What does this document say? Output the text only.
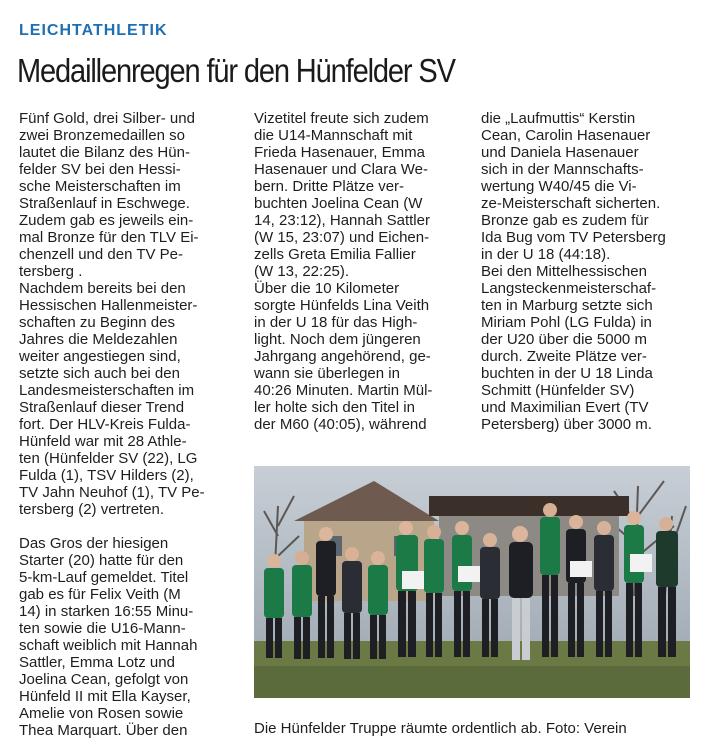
LEICHTATHLETIK
Medaillenregen für den Hünfelder SV
Fünf Gold, drei Silber- und
zwei Bronzemedaillen so
lautet die Bilanz des Hün-
felder SV bei den Hessi-
sche Meisterschaften im
Straßenlauf in Eschwege.
Zudem gab es jeweils ein-
mal Bronze für den TLV Ei-
chenzell und den TV Pe-
tersberg .
Nachdem bereits bei den
Hessischen Hallenmeister-
schaften zu Beginn des
Jahres die Meldezahlen
weiter angestiegen sind,
setzte sich auch bei den
Landesmeisterschaften im
Straßenlauf dieser Trend
fort. Der HLV-Kreis Fulda-
Hünfeld war mit 28 Athle-
ten (Hünfelder SV (22), LG
Fulda (1), TSV Hilders (2),
TV Jahn Neuhof (1), TV Pe-
tersberg (2) vertreten.
Das Gros der hiesigen
Starter (20) hatte für den
5-km-Lauf gemeldet. Titel
gab es für Felix Veith (M
14) in starken 16:55 Minu-
ten sowie die U16-Mann-
schaft weiblich mit Hannah
Sattler, Emma Lotz und
Joelina Cean, gefolgt von
Hünfeld II mit Ella Kayser,
Amelie von Rosen sowie
Thea Marquart. Über den
Vizetitel freute sich zudem
die U14-Mannschaft mit
Frieda Hasenauer, Emma
Hasenauer und Clara We-
bern. Dritte Plätze ver-
buchten Joelina Cean (W
14, 23:12), Hannah Sattler
(W 15, 23:07) und Eichen-
zells Greta Emilia Fallier
(W 13, 22:25).
Über die 10 Kilometer
sorgte Hünfelds Lina Veith
in der U 18 für das High-
light. Noch dem jüngeren
Jahrgang angehörend, ge-
wann sie überlegen in
40:26 Minuten. Martin Mül-
ler holte sich den Titel in
der M60 (40:05), während
die „Laufmuttis“ Kerstin
Cean, Carolin Hasenauer
und Daniela Hasenauer
sich in der Mannschafts-
wertung W40/45 die Vi-
ze-Meisterschaft sicherten.
Bronze gab es zudem für
Ida Bug vom TV Petersberg
in der U 18 (44:18).
Bei den Mittelhessischen
Langsteckenmeisterschaf-
ten in Marburg setzte sich
Miriam Pohl (LG Fulda) in
der U20 über die 5000 m
durch. Zweite Plätze ver-
buchten in der U 18 Linda
Schmitt (Hünfelder SV)
und Maximilian Evert (TV
Petersberg) über 3000 m.
Die Hünfelder Truppe räumte ordentlich ab. Foto: Verein
